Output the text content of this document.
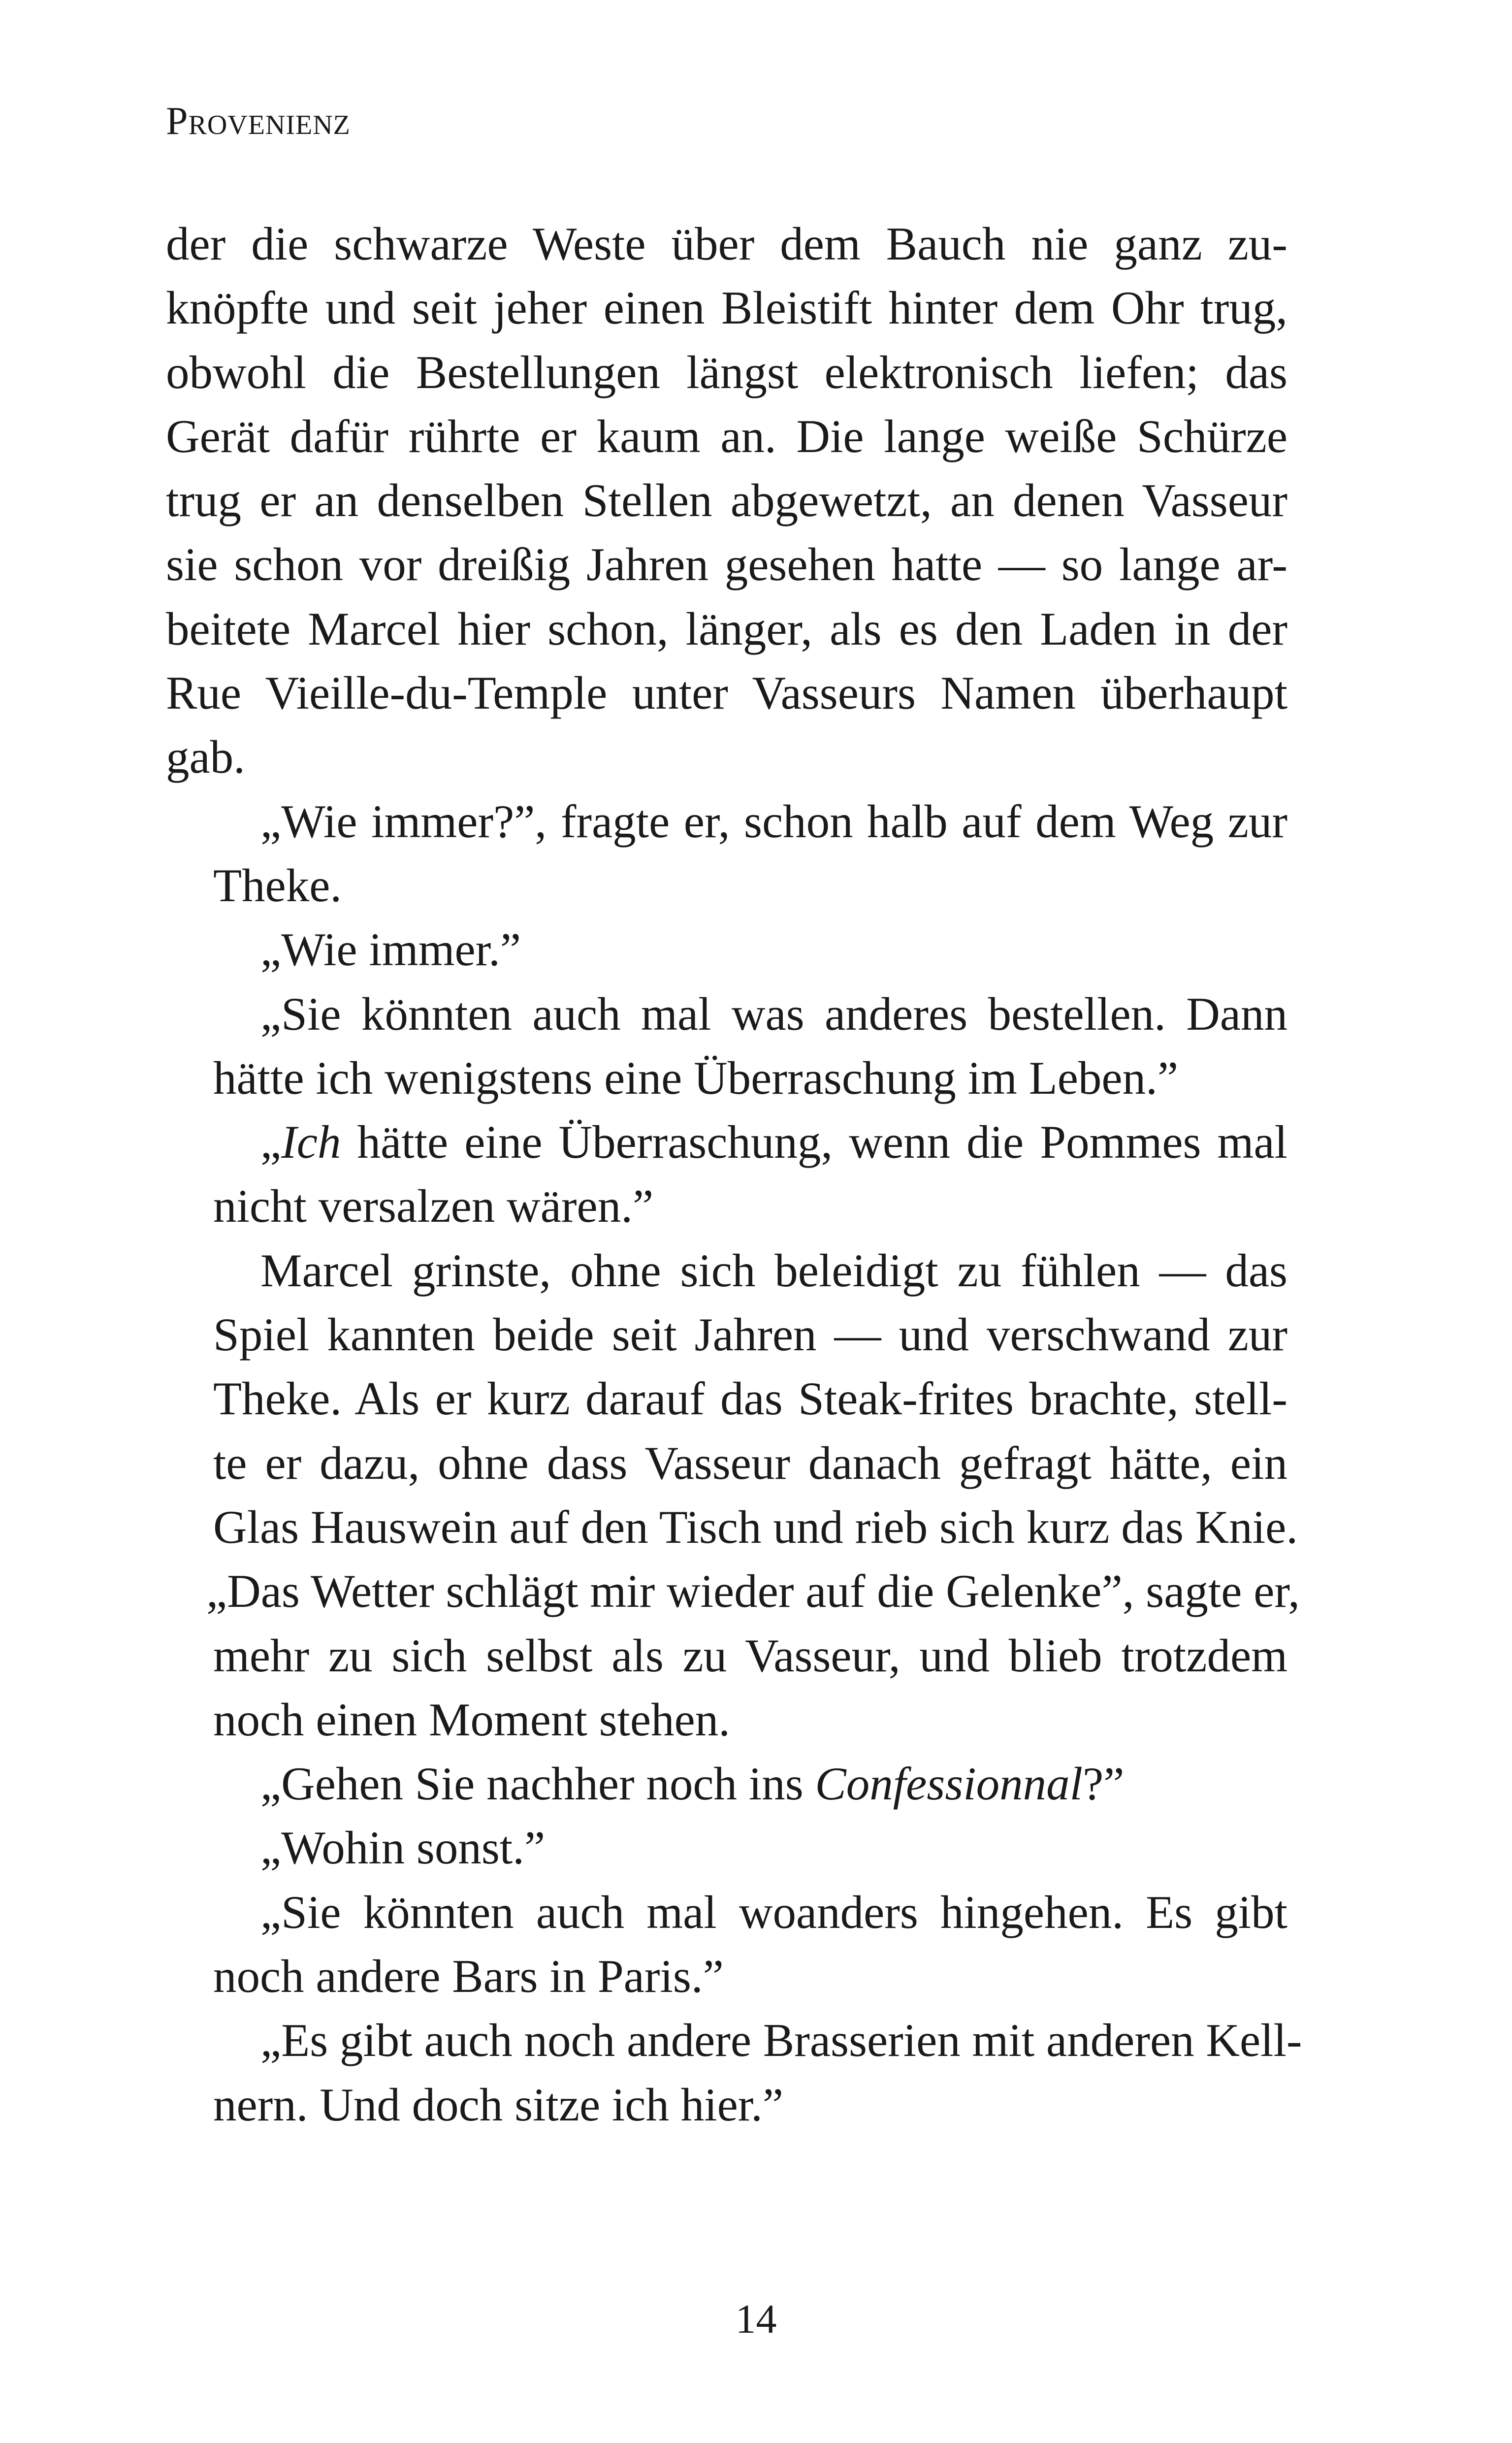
Provenienz
der die schwarze Weste über dem Bauch nie ganz zu-
knöpfte und seit jeher einen Bleistift hinter dem Ohr trug,
obwohl die Bestellungen längst elektronisch liefen; das
Gerät dafür rührte er kaum an. Die lange weiße Schürze
trug er an denselben Stellen abgewetzt, an denen Vasseur
sie schon vor dreißig Jahren gesehen hatte — so lange ar-
beitete Marcel hier schon, länger, als es den Laden in der
Rue Vieille-du-Temple unter Vasseurs Namen überhaupt
gab.
„Wie immer?”, fragte er, schon halb auf dem Weg zur
Theke.
„Wie immer.”
„Sie könnten auch mal was anderes bestellen. Dann
hätte ich wenigstens eine Überraschung im Leben.”
„Ich hätte eine Überraschung, wenn die Pommes mal
nicht versalzen wären.”
Marcel grinste, ohne sich beleidigt zu fühlen — das
Spiel kannten beide seit Jahren — und verschwand zur
Theke. Als er kurz darauf das Steak-frites brachte, stell-
te er dazu, ohne dass Vasseur danach gefragt hätte, ein
Glas Hauswein auf den Tisch und rieb sich kurz das Knie.
„Das Wetter schlägt mir wieder auf die Gelenke”, sagte er,
mehr zu sich selbst als zu Vasseur, und blieb trotzdem
noch einen Moment stehen.
„Gehen Sie nachher noch ins Confessionnal?”
„Wohin sonst.”
„Sie könnten auch mal woanders hingehen. Es gibt
noch andere Bars in Paris.”
„Es gibt auch noch andere Brasserien mit anderen Kell-
nern. Und doch sitze ich hier.”
14
